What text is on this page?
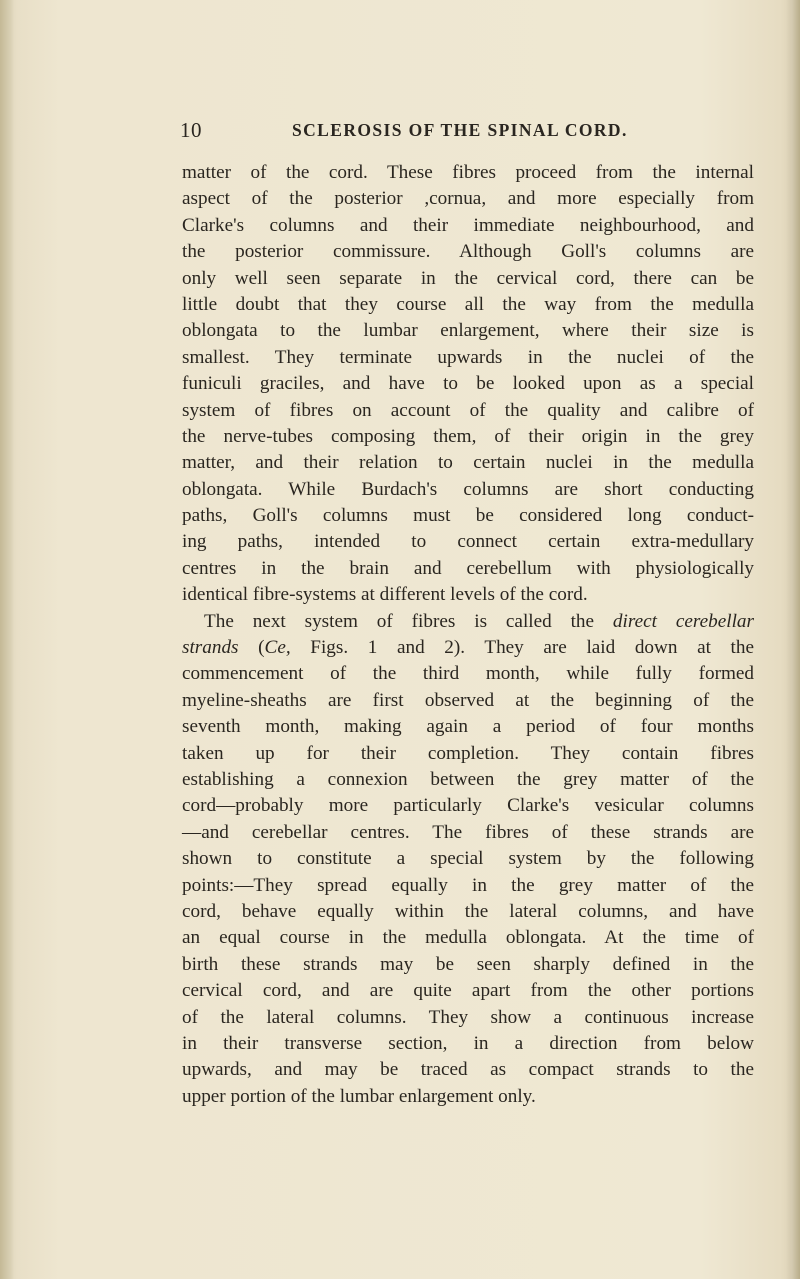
10	SCLEROSIS OF THE SPINAL CORD.
matter of the cord. These fibres proceed from the internal
aspect of the posterior ,cornua, and more especially from
Clarke's columns and their immediate neighbourhood, and
the posterior commissure. Although Goll's columns are
only well seen separate in the cervical cord, there can be
little doubt that they course all the way from the medulla
oblongata to the lumbar enlargement, where their size is
smallest. They terminate upwards in the nuclei of the
funiculi graciles, and have to be looked upon as a special
system of fibres on account of the quality and calibre of
the nerve-tubes composing them, of their origin in the grey
matter, and their relation to certain nuclei in the medulla
oblongata. While Burdach's columns are short conducting
paths, Goll's columns must be considered long conduct-
ing paths, intended to connect certain extra-medullary
centres in the brain and cerebellum with physiologically
identical fibre-systems at different levels of the cord.
The next system of fibres is called the direct cerebellar
strands (Ce, Figs. 1 and 2). They are laid down at the
commencement of the third month, while fully formed
myeline-sheaths are first observed at the beginning of the
seventh month, making again a period of four months
taken up for their completion. They contain fibres
establishing a connexion between the grey matter of the
cord—probably more particularly Clarke's vesicular columns
—and cerebellar centres. The fibres of these strands are
shown to constitute a special system by the following
points:—They spread equally in the grey matter of the
cord, behave equally within the lateral columns, and have
an equal course in the medulla oblongata. At the time of
birth these strands may be seen sharply defined in the
cervical cord, and are quite apart from the other portions
of the lateral columns. They show a continuous increase
in their transverse section, in a direction from below
upwards, and may be traced as compact strands to the
upper portion of the lumbar enlargement only.
